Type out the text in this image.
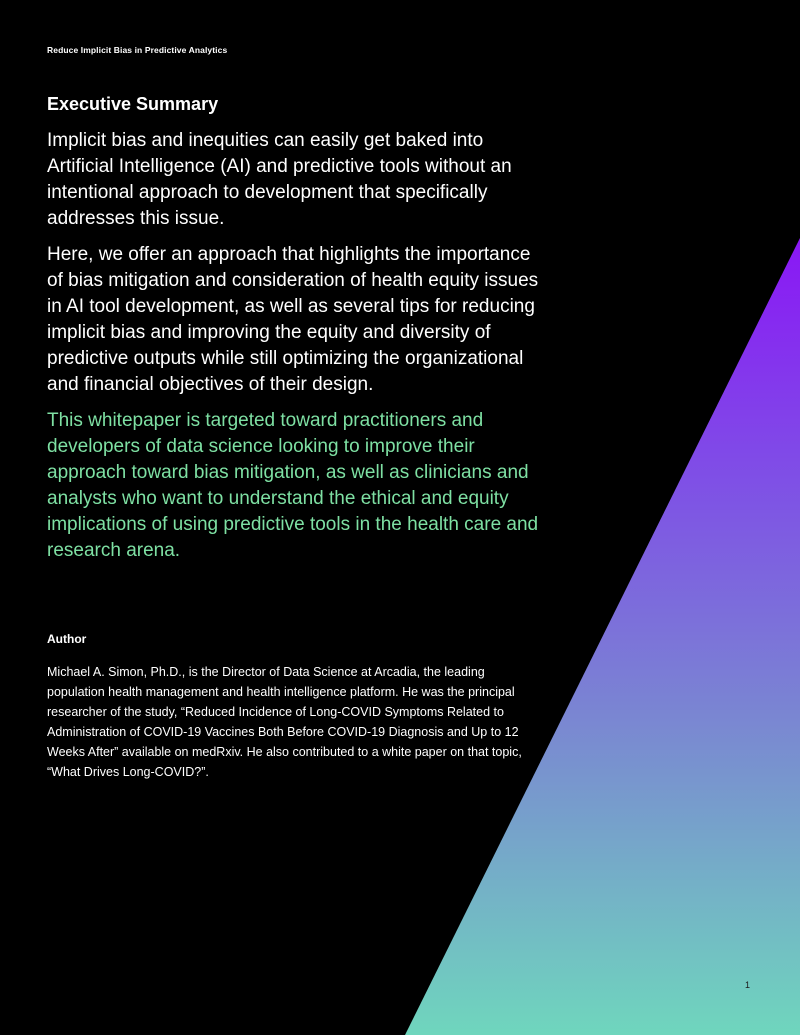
Reduce Implicit Bias in Predictive Analytics
Executive Summary

Implicit bias and inequities can easily get baked into Artificial Intelligence (AI) and predictive tools without an intentional approach to development that specifically addresses this issue.

Here, we offer an approach that highlights the importance of bias mitigation and consideration of health equity issues in AI tool development, as well as several tips for reducing implicit bias and improving the equity and diversity of predictive outputs while still optimizing the organizational and financial objectives of their design.

This whitepaper is targeted toward practitioners and developers of data science looking to improve their approach toward bias mitigation, as well as clinicians and analysts who want to understand the ethical and equity implications of using predictive tools in the health care and research arena.

Author

Michael A. Simon, Ph.D., is the Director of Data Science at Arcadia, the leading population health management and health intelligence platform. He was the principal researcher of the study, “Reduced Incidence of Long-COVID Symptoms Related to Administration of COVID-19 Vaccines Both Before COVID-19 Diagnosis and Up to 12 Weeks After” available on medRxiv. He also contributed to a white paper on that topic, “What Drives Long-COVID?”.

1
